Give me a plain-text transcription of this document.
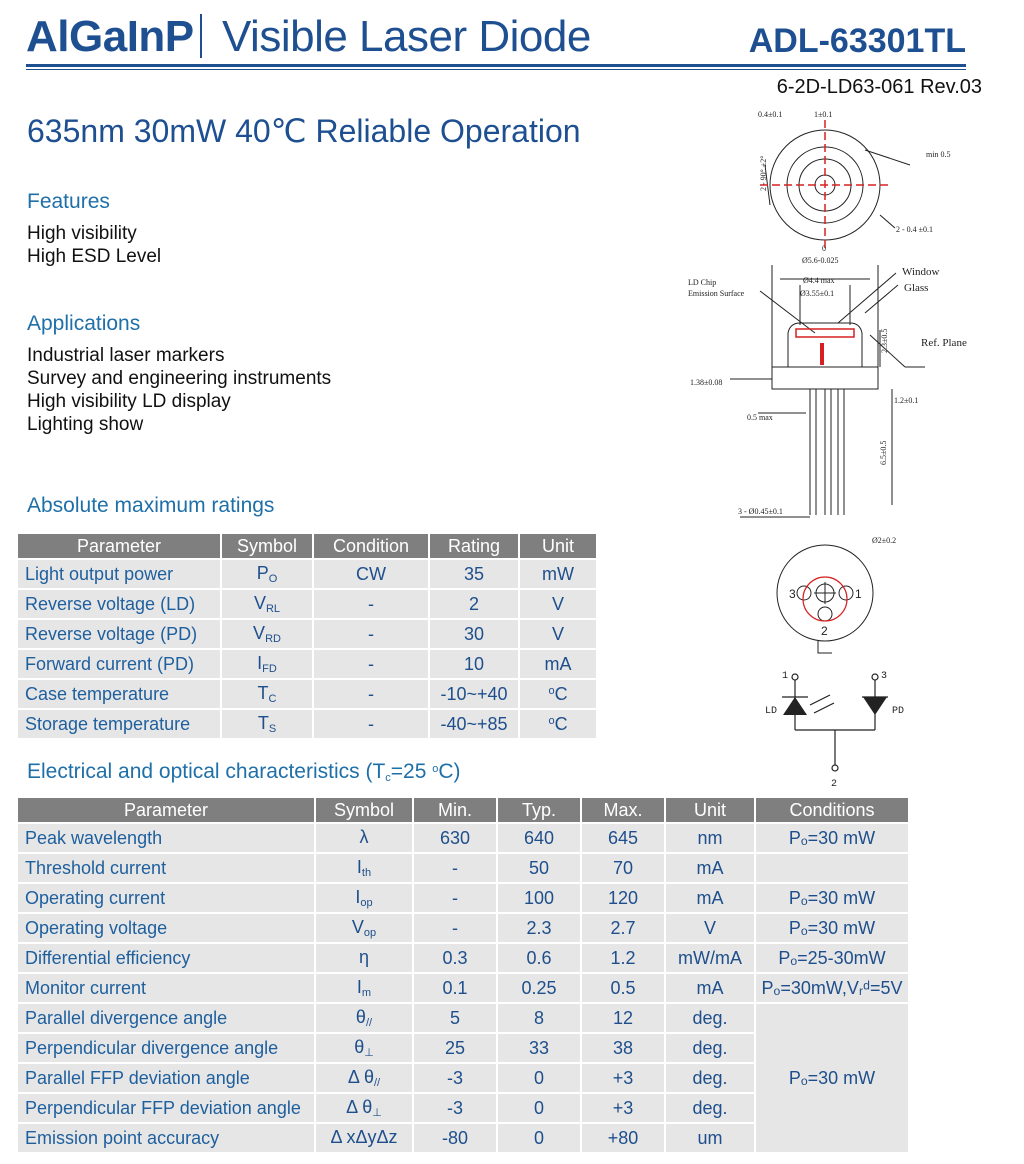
AlGaInP Visible Laser Diode	ADL-63301TL
6-2D-LD63-061 Rev.03
635nm 30mW 40℃ Reliable Operation
Features
High visibility
High ESD Level
Applications
Industrial laser markers
Survey and engineering instruments
High visibility LD display
Lighting show
Absolute maximum ratings
Parameter	Symbol	Condition	Rating	Unit
Light output power	$P_O$	CW	35	mW
Reverse voltage (LD)	$V_{RL}$	-	2	V
Reverse voltage (PD)	$V_{RD}$	-	30	V
Forward current (PD)	$I_{FD}$	-	10	mA
Case temperature	$T_C$	-	-10~+40	$^o$C
Storage temperature	$T_S$	-	-40~+85	$^o$C
Electrical and optical characteristics ($T_c=25$ $^o$C)
Parameter	Symbol	Min.	Typ.	Max.	Unit	Conditions
Peak wavelength	λ	630	640	645	nm	Pₒ=30 mW
Threshold current	$I_{th}$	-	50	70	mA	
Operating current	$I_{op}$	-	100	120	mA	Pₒ=30 mW
Operating voltage	$V_{op}$	-	2.3	2.7	V	Pₒ=30 mW
Differential efficiency	η	0.3	0.6	1.2	mW/mA	Pₒ=25-30mW
Monitor current	$I_m$	0.1	0.25	0.5	mA	Pₒ=30mW,Vᵣᵈ=5V
Parallel divergence angle	$\theta_{//}$	5	8	12	deg.	Pₒ=30 mW
Perpendicular divergence angle	$\theta_\perp$	25	33	38	deg.	
Parallel FFP deviation angle	Δ $\theta_{//}$	-3	0	+3	deg.	
Perpendicular FFP deviation angle	Δ $\theta_\perp$	-3	0	+3	deg.	
Emission point accuracy	Δ xΔyΔz	-80	0	+80	um	
0.4±0.1	1±0.1
min 0.5
2 - 90° ±2°
2 - 0.4 ±0.1
0
Ø5.6-0.025
Ø4.4 max
Ø3.55±0.1
LD Chip
Emission Surface
Window
Glass
Ref. Plane
2.3±0.5
1.38±0.08
1.2±0.1
0.5 max
6.5±0.5
3 - Ø0.45±0.1
Ø2±0.2
3	1
2
LD	PD
1	3
2
